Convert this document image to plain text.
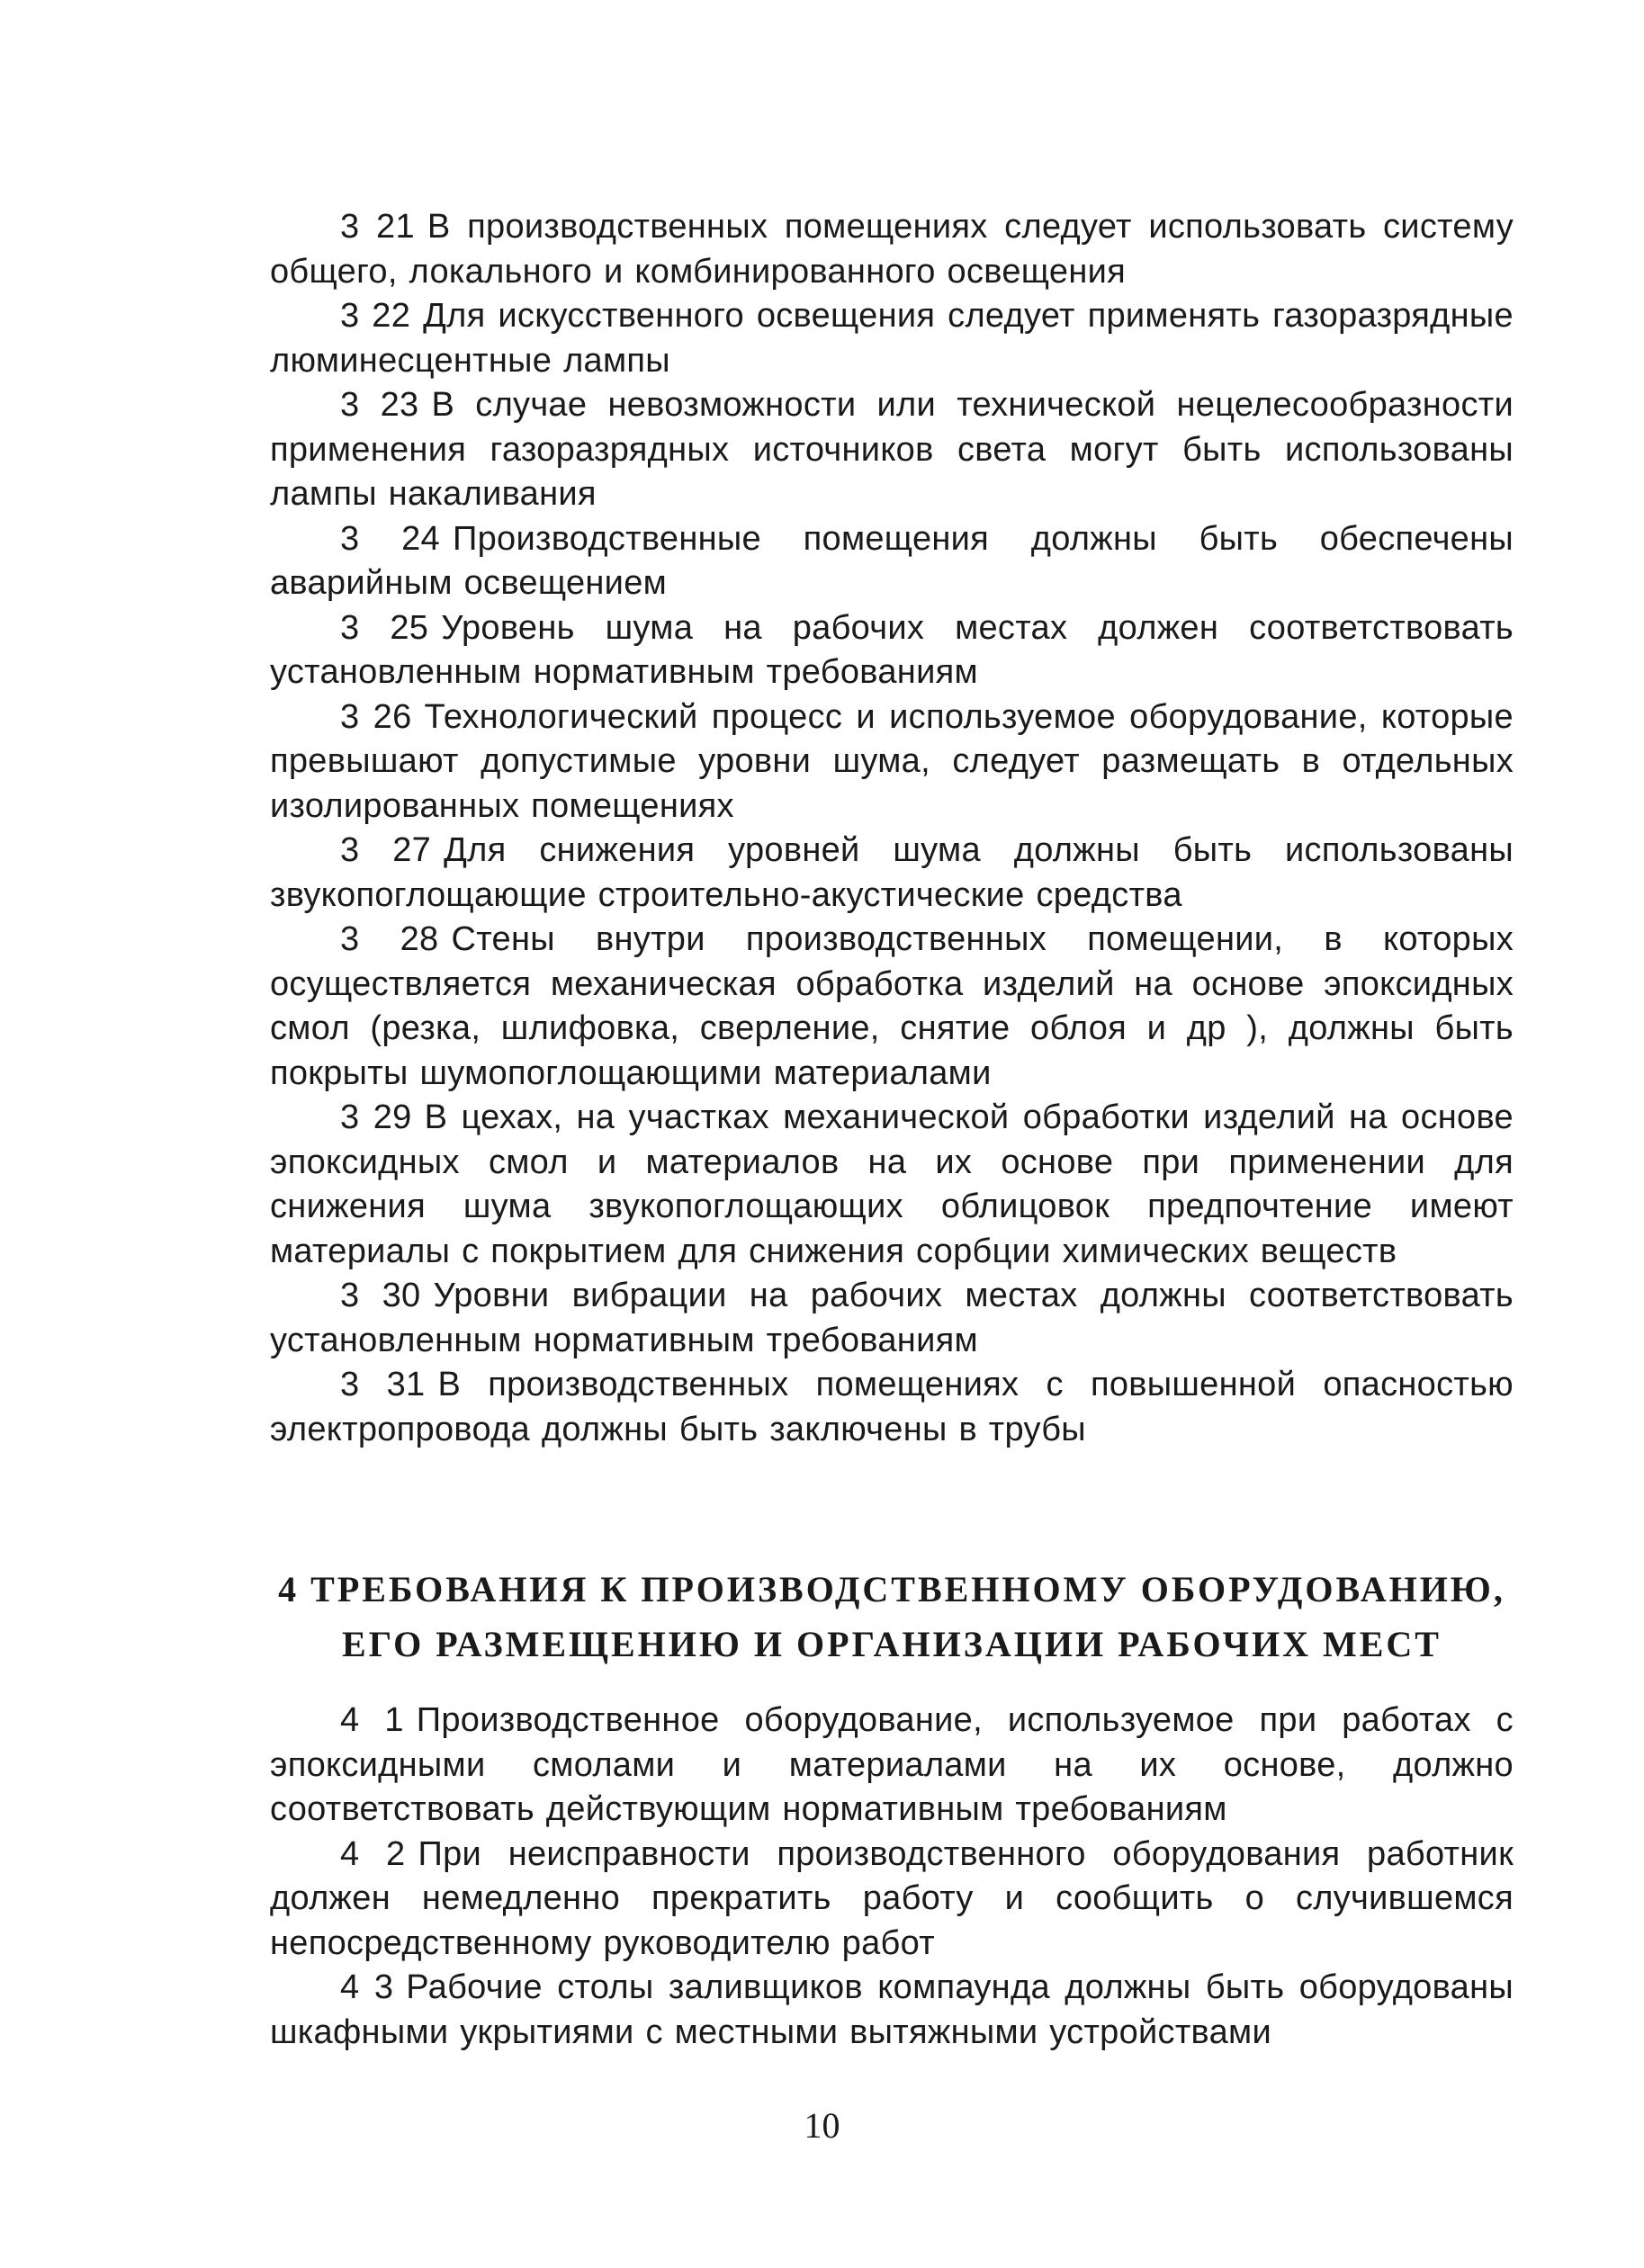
3 21 В производственных помещениях следует использовать систему общего, локального и комбинированного освещения

3 22 Для искусственного освещения следует применять газоразрядные люминесцентные лампы

3 23 В случае невозможности или технической нецелесообразности применения газоразрядных источников света могут быть использованы лампы накаливания

3 24 Производственные помещения должны быть обеспечены аварийным освещением

3 25 Уровень шума на рабочих местах должен соответствовать установленным нормативным требованиям

3 26 Технологический процесс и используемое оборудование, которые превышают допустимые уровни шума, следует размещать в отдельных изолированных помещениях

3 27 Для снижения уровней шума должны быть использованы звукопоглощающие строительно-акустические средства

3 28 Стены внутри производственных помещении, в которых осуществляется механическая обработка изделий на основе эпоксидных смол (резка, шлифовка, сверление, снятие облоя и др ), должны быть покрыты шумопоглощающими материалами

3 29 В цехах, на участках механической обработки изделий на основе эпоксидных смол и материалов на их основе при применении для снижения шума звукопоглощающих облицовок предпочтение имеют материалы с покрытием для снижения сорбции химических веществ

3 30 Уровни вибрации на рабочих местах должны соответствовать установленным нормативным требованиям

3 31 В производственных помещениях с повышенной опасностью электропровода должны быть заключены в трубы

4 ТРЕБОВАНИЯ К ПРОИЗВОДСТВЕННОМУ ОБОРУДОВАНИЮ,
ЕГО РАЗМЕЩЕНИЮ И ОРГАНИЗАЦИИ РАБОЧИХ МЕСТ

4 1 Производственное оборудование, используемое при работах с эпоксидными смолами и материалами на их основе, должно соответствовать действующим нормативным требованиям

4 2 При неисправности производственного оборудования работник должен немедленно прекратить работу и сообщить о случившемся непосредственному руководителю работ

4 3 Рабочие столы заливщиков компаунда должны быть оборудованы шкафными укрытиями с местными вытяжными устройствами

10
